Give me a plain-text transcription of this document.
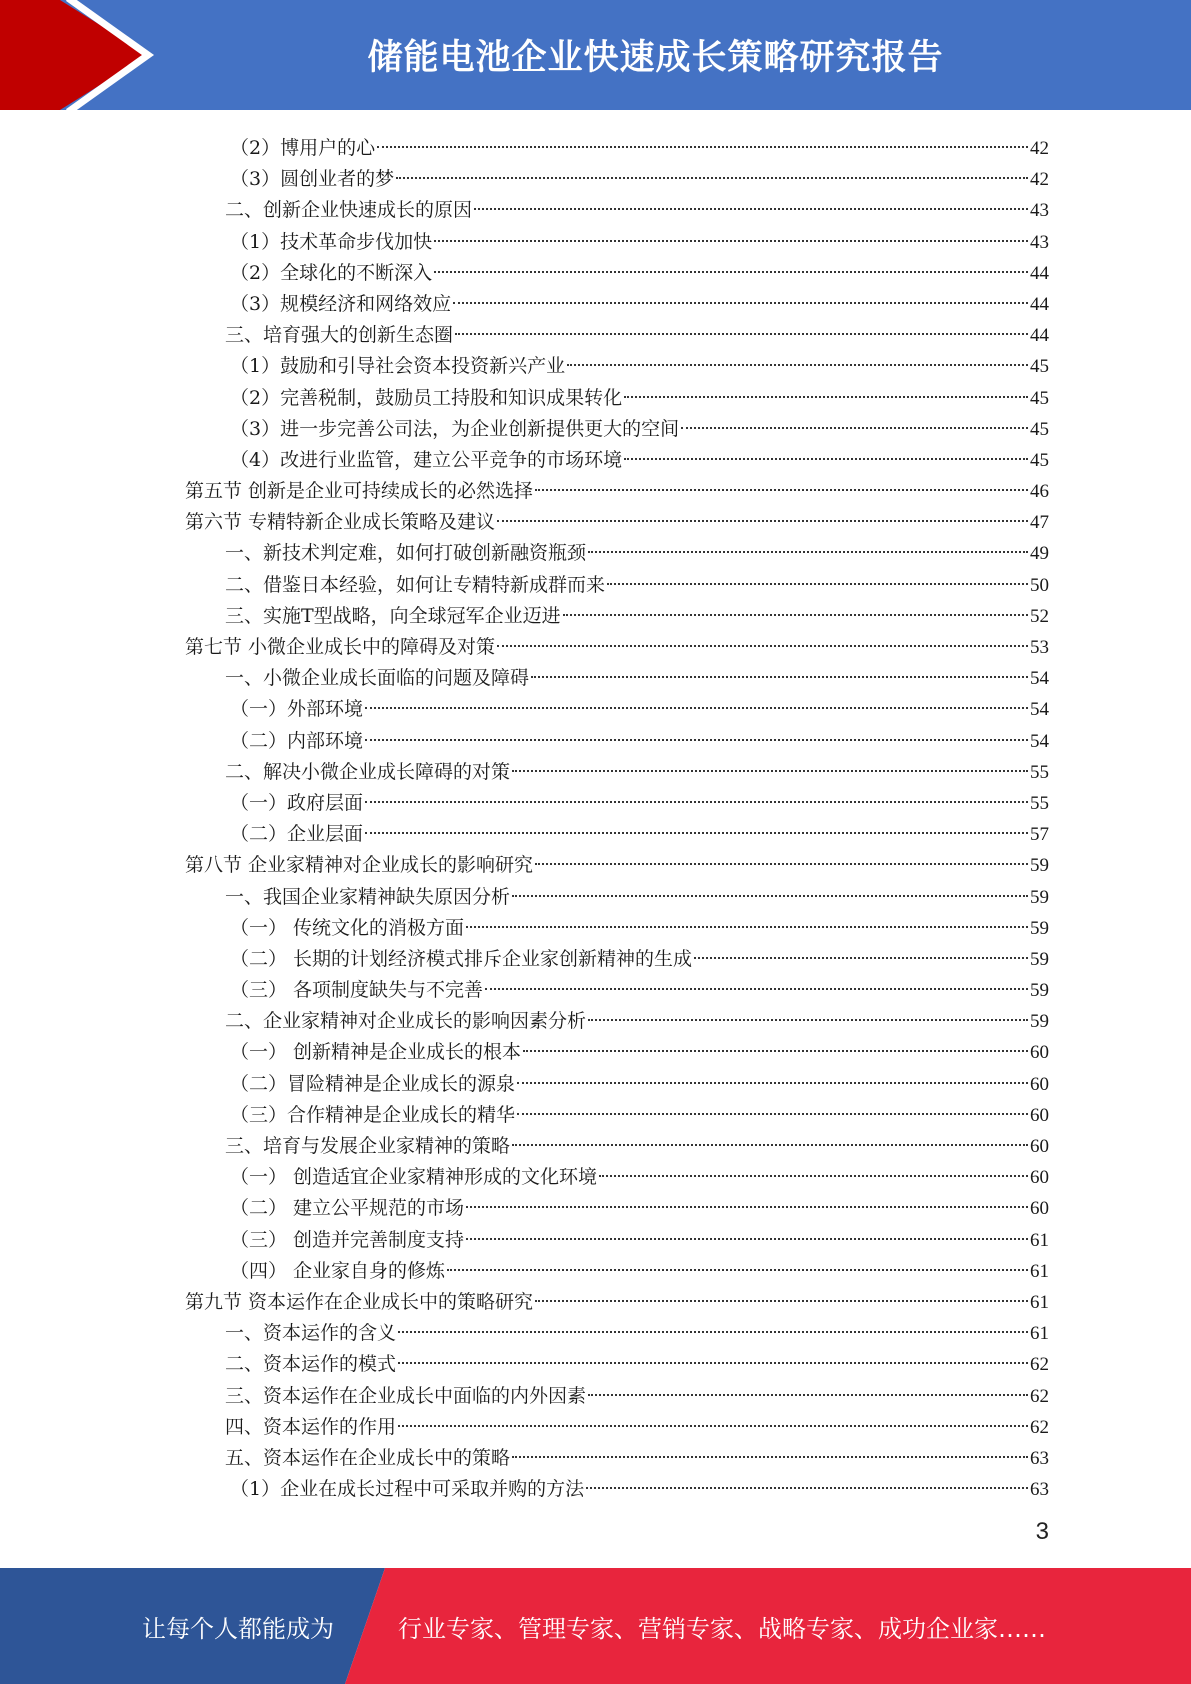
储能电池企业快速成长策略研究报告
（2）博用户的心	42
（3）圆创业者的梦	42
二、创新企业快速成长的原因	43
（1）技术革命步伐加快	43
（2）全球化的不断深入	44
（3）规模经济和网络效应	44
三、培育强大的创新生态圈	44
（1）鼓励和引导社会资本投资新兴产业	45
（2）完善税制，鼓励员工持股和知识成果转化	45
（3）进一步完善公司法，为企业创新提供更大的空间	45
（4）改进行业监管，建立公平竞争的市场环境	45
第五节 创新是企业可持续成长的必然选择	46
第六节 专精特新企业成长策略及建议	47
一、新技术判定难，如何打破创新融资瓶颈	49
二、借鉴日本经验，如何让专精特新成群而来	50
三、实施T型战略，向全球冠军企业迈进	52
第七节 小微企业成长中的障碍及对策	53
一、小微企业成长面临的问题及障碍	54
（一）外部环境	54
（二）内部环境	54
二、解决小微企业成长障碍的对策	55
（一）政府层面	55
（二）企业层面	57
第八节 企业家精神对企业成长的影响研究	59
一、我国企业家精神缺失原因分析	59
（一） 传统文化的消极方面	59
（二） 长期的计划经济模式排斥企业家创新精神的生成	59
（三） 各项制度缺失与不完善	59
二、企业家精神对企业成长的影响因素分析	59
（一） 创新精神是企业成长的根本	60
（二）冒险精神是企业成长的源泉	60
（三）合作精神是企业成长的精华	60
三、培育与发展企业家精神的策略	60
（一） 创造适宜企业家精神形成的文化环境	60
（二） 建立公平规范的市场	60
（三） 创造并完善制度支持	61
（四） 企业家自身的修炼	61
第九节 资本运作在企业成长中的策略研究	61
一、资本运作的含义	61
二、资本运作的模式	62
三、资本运作在企业成长中面临的内外因素	62
四、资本运作的作用	62
五、资本运作在企业成长中的策略	63
（1）企业在成长过程中可采取并购的方法	63
3
让每个人都能成为	行业专家、管理专家、营销专家、战略专家、成功企业家……
